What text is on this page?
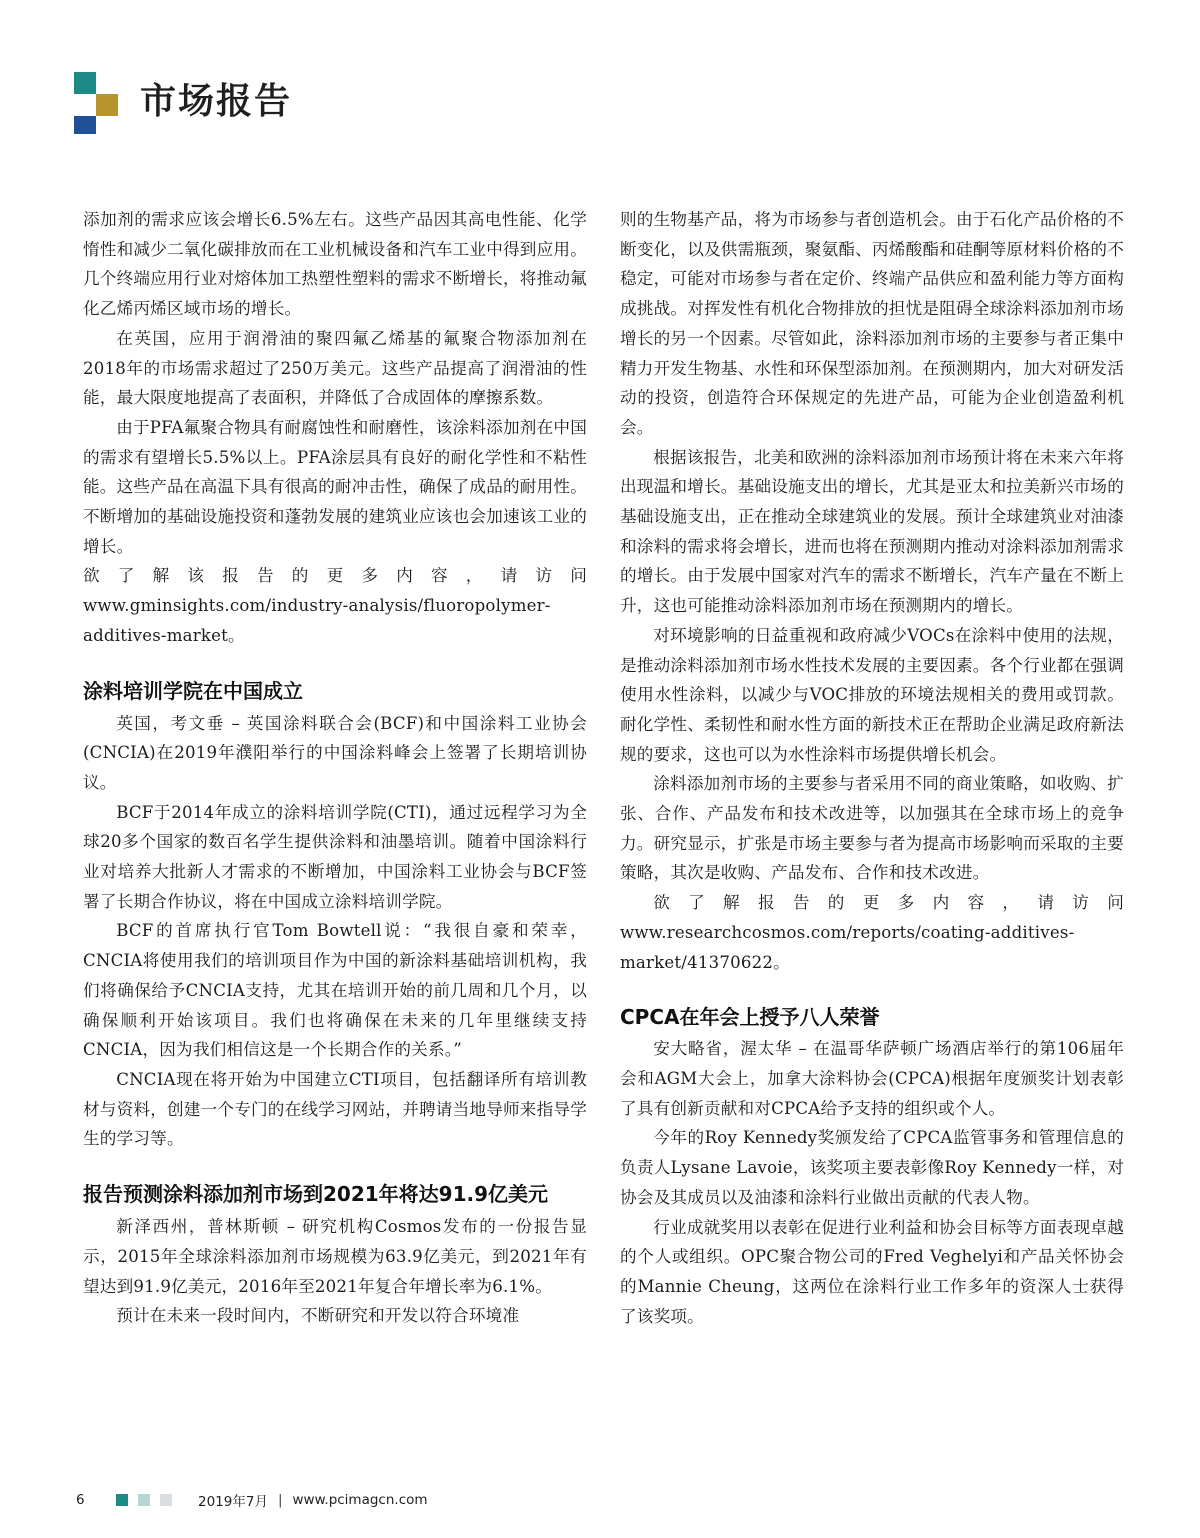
市场报告

添加剂的需求应该会增长6.5%左右。这些产品因其高电性能、化学惰性和减少二氧化碳排放而在工业机械设备和汽车工业中得到应用。几个终端应用行业对熔体加工热塑性塑料的需求不断增长，将推动氟化乙烯丙烯区域市场的增长。

在英国，应用于润滑油的聚四氟乙烯基的氟聚合物添加剂在2018年的市场需求超过了250万美元。这些产品提高了润滑油的性能，最大限度地提高了表面积，并降低了合成固体的摩擦系数。

由于PFA氟聚合物具有耐腐蚀性和耐磨性，该涂料添加剂在中国的需求有望增长5.5%以上。PFA涂层具有良好的耐化学性和不粘性能。这些产品在高温下具有很高的耐冲击性，确保了成品的耐用性。不断增加的基础设施投资和蓬勃发展的建筑业应该也会加速该工业的增长。

欲了解该报告的更多内容，请访问www.gminsights.com/industry-analysis/fluoropolymer-additives-market。

涂料培训学院在中国成立

英国，考文垂 – 英国涂料联合会(BCF)和中国涂料工业协会(CNCIA)在2019年濮阳举行的中国涂料峰会上签署了长期培训协议。

BCF于2014年成立的涂料培训学院(CTI)，通过远程学习为全球20多个国家的数百名学生提供涂料和油墨培训。随着中国涂料行业对培养大批新人才需求的不断增加，中国涂料工业协会与BCF签署了长期合作协议，将在中国成立涂料培训学院。

BCF的首席执行官Tom Bowtell说：“我很自豪和荣幸，CNCIA将使用我们的培训项目作为中国的新涂料基础培训机构，我们将确保给予CNCIA支持，尤其在培训开始的前几周和几个月，以确保顺利开始该项目。我们也将确保在未来的几年里继续支持CNCIA，因为我们相信这是一个长期合作的关系。”

CNCIA现在将开始为中国建立CTI项目，包括翻译所有培训教材与资料，创建一个专门的在线学习网站，并聘请当地导师来指导学生的学习等。

报告预测涂料添加剂市场到2021年将达91.9亿美元

新泽西州，普林斯顿 – 研究机构Cosmos发布的一份报告显示，2015年全球涂料添加剂市场规模为63.9亿美元，到2021年有望达到91.9亿美元，2016年至2021年复合年增长率为6.1%。

预计在未来一段时间内，不断研究和开发以符合环境准

则的生物基产品，将为市场参与者创造机会。由于石化产品价格的不断变化，以及供需瓶颈，聚氨酯、丙烯酸酯和硅酮等原材料价格的不稳定，可能对市场参与者在定价、终端产品供应和盈利能力等方面构成挑战。对挥发性有机化合物排放的担忧是阻碍全球涂料添加剂市场增长的另一个因素。尽管如此，涂料添加剂市场的主要参与者正集中精力开发生物基、水性和环保型添加剂。在预测期内，加大对研发活动的投资，创造符合环保规定的先进产品，可能为企业创造盈利机会。

根据该报告，北美和欧洲的涂料添加剂市场预计将在未来六年将出现温和增长。基础设施支出的增长，尤其是亚太和拉美新兴市场的基础设施支出，正在推动全球建筑业的发展。预计全球建筑业对油漆和涂料的需求将会增长，进而也将在预测期内推动对涂料添加剂需求的增长。由于发展中国家对汽车的需求不断增长，汽车产量在不断上升，这也可能推动涂料添加剂市场在预测期内的增长。

对环境影响的日益重视和政府减少VOCs在涂料中使用的法规，是推动涂料添加剂市场水性技术发展的主要因素。各个行业都在强调使用水性涂料，以减少与VOC排放的环境法规相关的费用或罚款。耐化学性、柔韧性和耐水性方面的新技术正在帮助企业满足政府新法规的要求，这也可以为水性涂料市场提供增长机会。

涂料添加剂市场的主要参与者采用不同的商业策略，如收购、扩张、合作、产品发布和技术改进等，以加强其在全球市场上的竞争力。研究显示，扩张是市场主要参与者为提高市场影响而采取的主要策略，其次是收购、产品发布、合作和技术改进。

欲了解报告的更多内容，请访问www.researchcosmos.com/reports/coating-additives-market/41370622。

CPCA在年会上授予八人荣誉

安大略省，渥太华 – 在温哥华萨顿广场酒店举行的第106届年会和AGM大会上，加拿大涂料协会(CPCA)根据年度颁奖计划表彰了具有创新贡献和对CPCA给予支持的组织或个人。

今年的Roy Kennedy奖颁发给了CPCA监管事务和管理信息的负责人Lysane Lavoie，该奖项主要表彰像Roy Kennedy一样，对协会及其成员以及油漆和涂料行业做出贡献的代表人物。

行业成就奖用以表彰在促进行业利益和协会目标等方面表现卓越的个人或组织。OPC聚合物公司的Fred Veghelyi和产品关怀协会的Mannie Cheung，这两位在涂料行业工作多年的资深人士获得了该奖项。

6	2019年7月 | www.pcimagcn.com
